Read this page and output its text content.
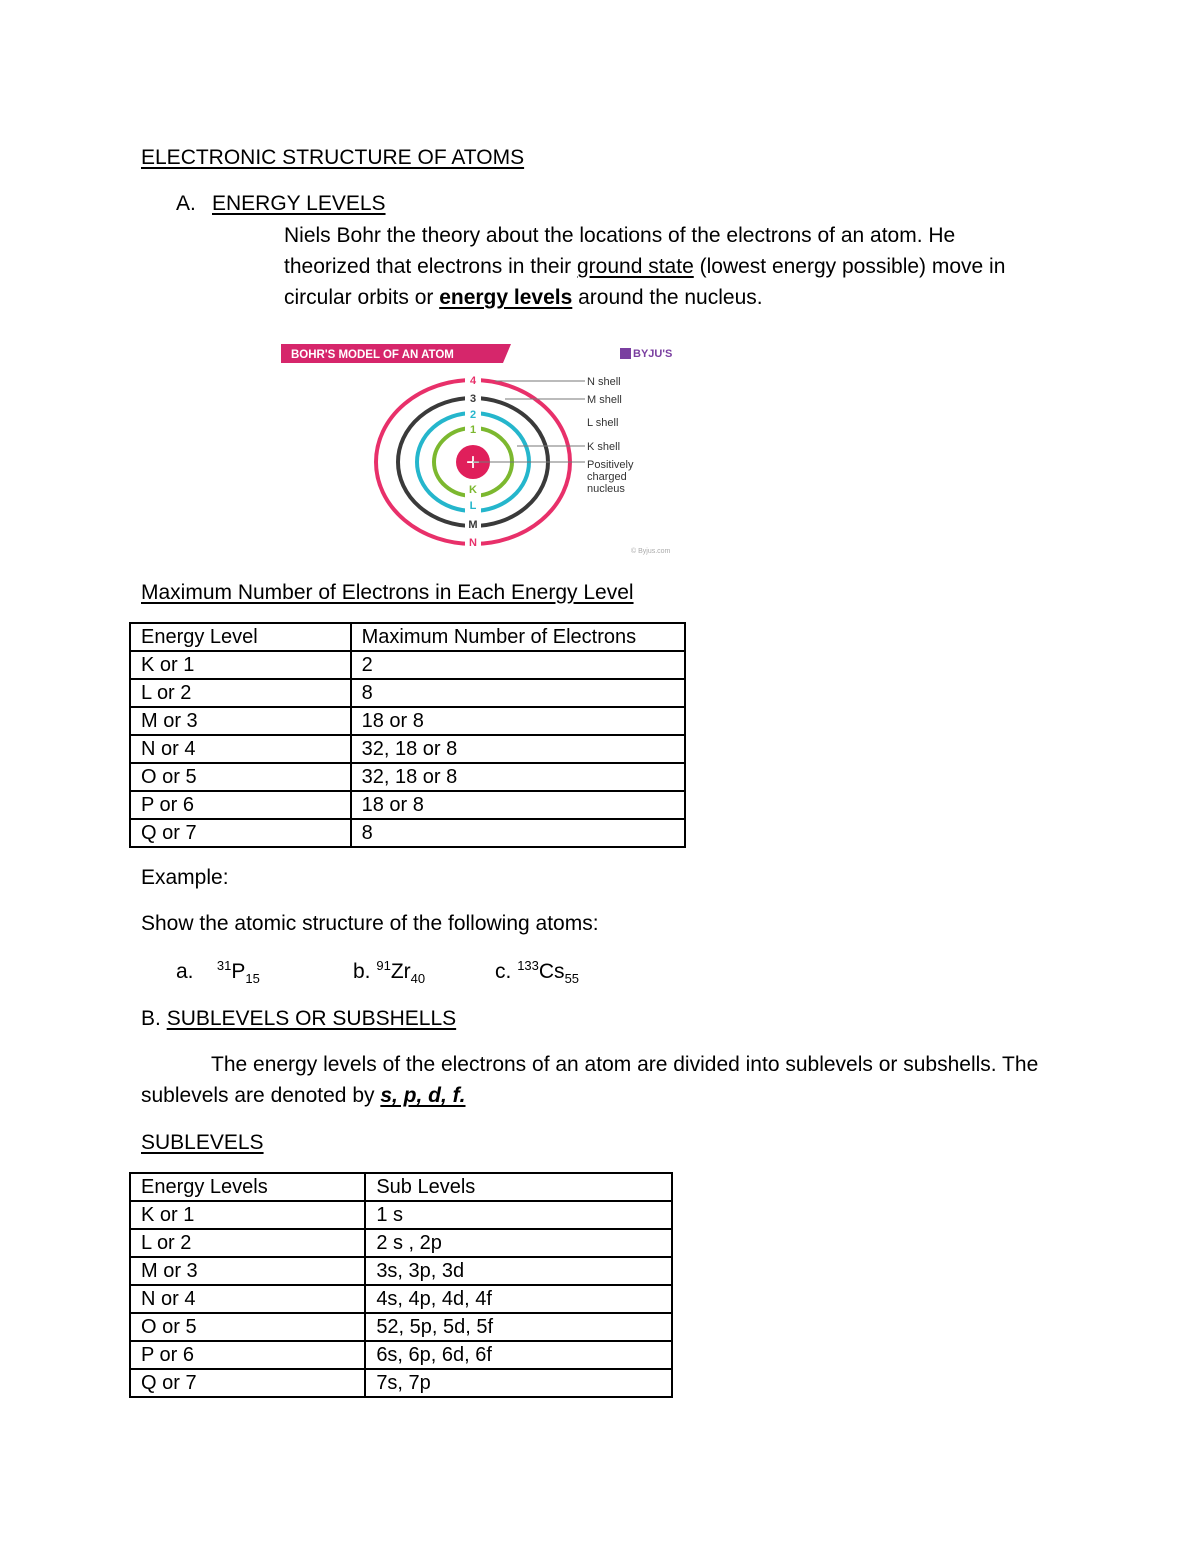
ELECTRONIC STRUCTURE OF ATOMS
A. ENERGY LEVELS
Niels Bohr the theory about the locations of the electrons of an atom. He
theorized that electrons in their ground state (lowest energy possible) move in
circular orbits or energy levels around the nucleus.
BOHR'S MODEL OF AN ATOM	BYJU'S
+
4
3
2
1
K
L
M
N
N shell
M shell
L shell
K shell
Positively
charged
nucleus
© Byjus.com
Maximum Number of Electrons in Each Energy Level
Energy Level	Maximum Number of Electrons
K or 1	2
L or 2	8
M or 3	18 or 8
N or 4	32, 18 or 8
O or 5	32, 18 or 8
P or 6	18 or 8
Q or 7	8
Example:
Show the atomic structure of the following atoms:
a. $^{31}P_{15}$	b. $^{91}Zr_{40}$	c. $^{133}Cs_{55}$
B. SUBLEVELS OR SUBSHELLS
The energy levels of the electrons of an atom are divided into sublevels or subshells. The
sublevels are denoted by s, p, d, f.
SUBLEVELS
Energy Levels	Sub Levels
K or 1	1 s
L or 2	2 s , 2p
M or 3	3s, 3p, 3d
N or 4	4s, 4p, 4d, 4f
O or 5	52, 5p, 5d, 5f
P or 6	6s, 6p, 6d, 6f
Q or 7	7s, 7p
